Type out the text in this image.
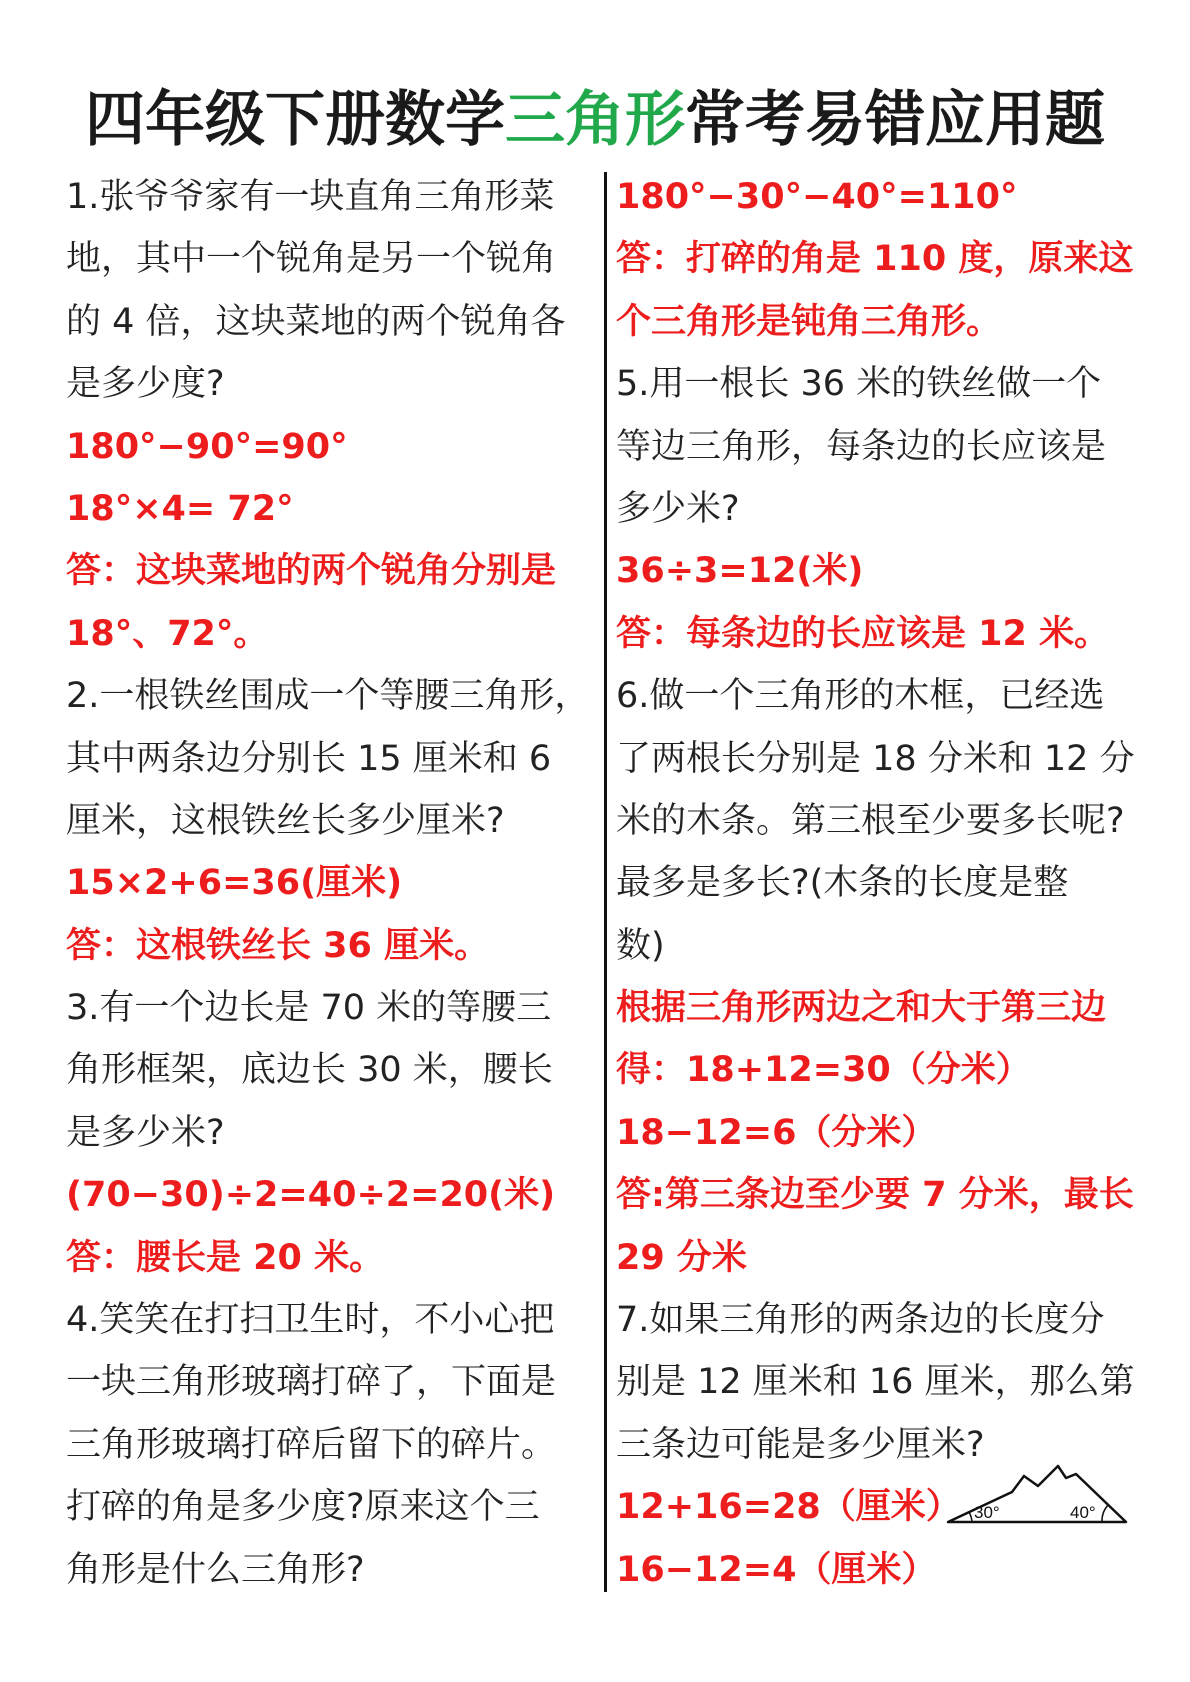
四年级下册数学三角形常考易错应用题
1.张爷爷家有一块直角三角形菜
地，其中一个锐角是另一个锐角
的 4 倍，这块菜地的两个锐角各
是多少度?
180°−90°=90°
18°×4= 72°
答：这块菜地的两个锐角分别是
18°、72°。
2.一根铁丝围成一个等腰三角形，
其中两条边分别长 15 厘米和 6
厘米，这根铁丝长多少厘米?
15×2+6=36(厘米)
答：这根铁丝长 36 厘米。
3.有一个边长是 70 米的等腰三
角形框架，底边长 30 米，腰长
是多少米?
(70−30)÷2=40÷2=20(米)
答：腰长是 20 米。
4.笑笑在打扫卫生时，不小心把
一块三角形玻璃打碎了，下面是
三角形玻璃打碎后留下的碎片。
打碎的角是多少度?原来这个三
角形是什么三角形?
180°−30°−40°=110°
答：打碎的角是 110 度，原来这
个三角形是钝角三角形。
5.用一根长 36 米的铁丝做一个
等边三角形，每条边的长应该是
多少米?
36÷3=12(米)
答：每条边的长应该是 12 米。
6.做一个三角形的木框，已经选
了两根长分别是 18 分米和 12 分
米的木条。第三根至少要多长呢?
最多是多长?(木条的长度是整
数)
根据三角形两边之和大于第三边
得：18+12=30（分米）
18−12=6（分米）
答:第三条边至少要 7 分米，最长
29 分米
7.如果三角形的两条边的长度分
别是 12 厘米和 16 厘米，那么第
三条边可能是多少厘米?
12+16=28（厘米）
16−12=4（厘米）
30°	40°
